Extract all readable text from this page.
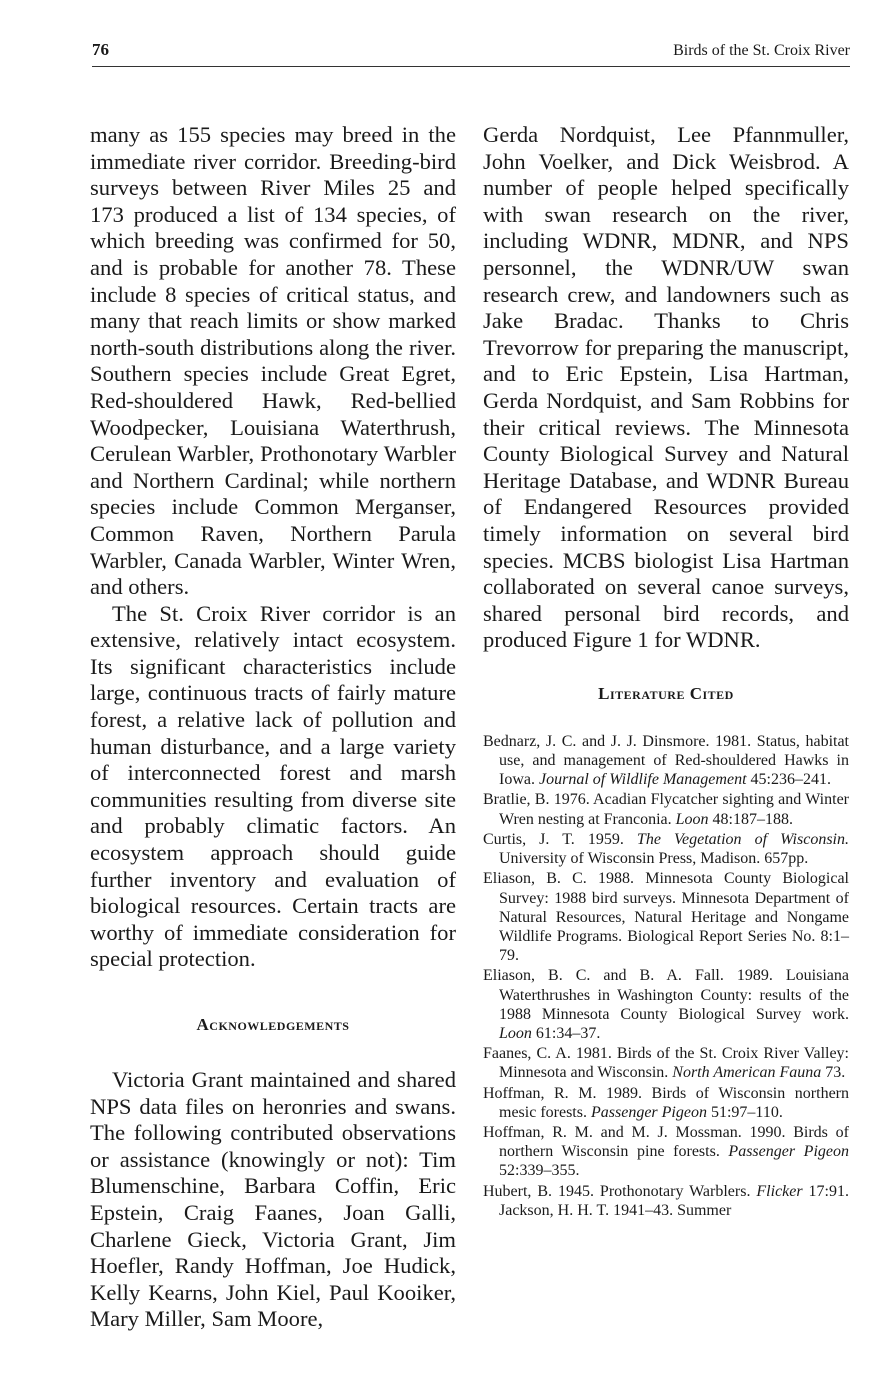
76	Birds of the St. Croix River

many as 155 species may breed in the immediate river corridor. Breeding-bird surveys between River Miles 25 and 173 produced a list of 134 species, of which breeding was confirmed for 50, and is probable for another 78. These include 8 species of critical status, and many that reach limits or show marked north-south distributions along the river. Southern species include Great Egret, Red-shouldered Hawk, Red-bellied Woodpecker, Louisiana Waterthrush, Cerulean Warbler, Prothonotary Warbler and Northern Cardinal; while northern species include Common Merganser, Common Raven, Northern Parula Warbler, Canada Warbler, Winter Wren, and others.

The St. Croix River corridor is an extensive, relatively intact ecosystem. Its significant characteristics include large, continuous tracts of fairly mature forest, a relative lack of pollution and human disturbance, and a large variety of interconnected forest and marsh communities resulting from diverse site and probably climatic factors. An ecosystem approach should guide further inventory and evaluation of biological resources. Certain tracts are worthy of immediate consideration for special protection.

Acknowledgements

Victoria Grant maintained and shared NPS data files on heronries and swans. The following contributed observations or assistance (knowingly or not): Tim Blumenschine, Barbara Coffin, Eric Epstein, Craig Faanes, Joan Galli, Charlene Gieck, Victoria Grant, Jim Hoefler, Randy Hoffman, Joe Hudick, Kelly Kearns, John Kiel, Paul Kooiker, Mary Miller, Sam Moore,

Gerda Nordquist, Lee Pfannmuller, John Voelker, and Dick Weisbrod. A number of people helped specifically with swan research on the river, including WDNR, MDNR, and NPS personnel, the WDNR/UW swan research crew, and landowners such as Jake Bradac. Thanks to Chris Trevorrow for preparing the manuscript, and to Eric Epstein, Lisa Hartman, Gerda Nordquist, and Sam Robbins for their critical reviews. The Minnesota County Biological Survey and Natural Heritage Database, and WDNR Bureau of Endangered Resources provided timely information on several bird species. MCBS biologist Lisa Hartman collaborated on several canoe surveys, shared personal bird records, and produced Figure 1 for WDNR.

Literature Cited
Bednarz, J. C. and J. J. Dinsmore. 1981. Status, habitat use, and management of Red-shouldered Hawks in Iowa. Journal of Wildlife Management 45:236–241.
Bratlie, B. 1976. Acadian Flycatcher sighting and Winter Wren nesting at Franconia. Loon 48:187–188.
Curtis, J. T. 1959. The Vegetation of Wisconsin. University of Wisconsin Press, Madison. 657pp.
Eliason, B. C. 1988. Minnesota County Biological Survey: 1988 bird surveys. Minnesota Department of Natural Resources, Natural Heritage and Nongame Wildlife Programs. Biological Report Series No. 8:1–79.
Eliason, B. C. and B. A. Fall. 1989. Louisiana Waterthrushes in Washington County: results of the 1988 Minnesota County Biological Survey work. Loon 61:34–37.
Faanes, C. A. 1981. Birds of the St. Croix River Valley: Minnesota and Wisconsin. North American Fauna 73.
Hoffman, R. M. 1989. Birds of Wisconsin northern mesic forests. Passenger Pigeon 51:97–110.
Hoffman, R. M. and M. J. Mossman. 1990. Birds of northern Wisconsin pine forests. Passenger Pigeon 52:339–355.
Hubert, B. 1945. Prothonotary Warblers. Flicker 17:91. Jackson, H. H. T. 1941–43. Summer
